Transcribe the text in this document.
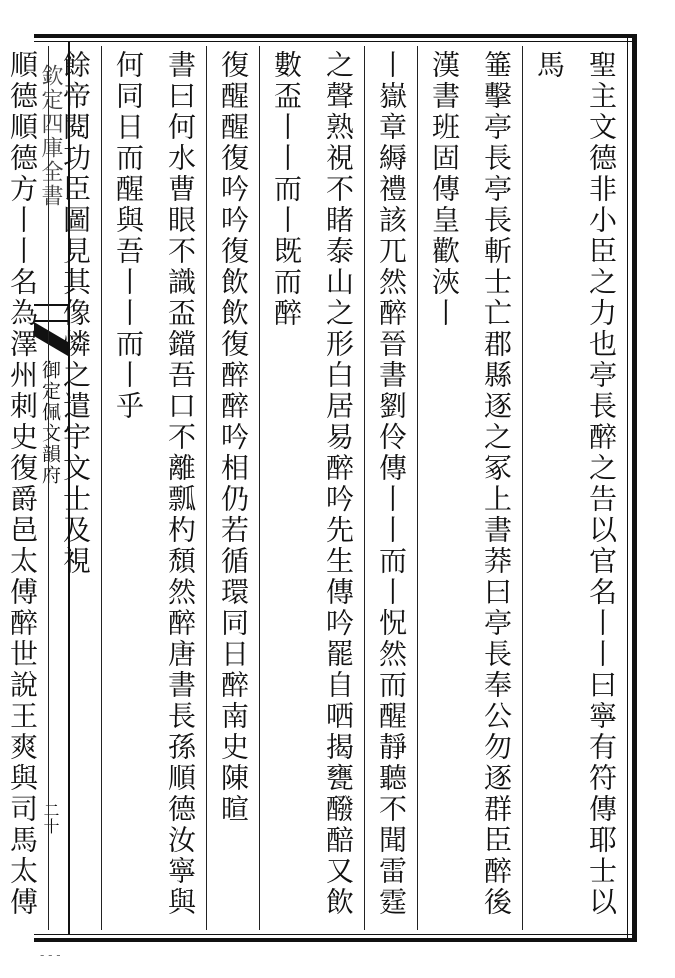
欽定四庫全書
御定佩文韻府
二十	聖主文德非小臣之力也亭長醉之告以官名丨丨曰寧有符傳耶士以馬
箠擊亭長亭長斬士亡郡縣逐之冢上書莽曰亭長奉公勿逐群臣醉後漢書班固傳皇歡浹丨
丨嶽章縟禮該兀然醉晉書劉伶傳丨丨而丨怳然而醒靜聽不聞雷霆
之聲熟視不睹泰山之形白居易醉吟先生傳吟罷自哂揭甕醱醅又飲數盃丨丨而丨既而醉
復醒醒復吟吟復飲飲復醉醉吟相仍若循環同日醉南史陳暄
書曰何水曹眼不識盃鐺吾口不離瓢杓頹然醉唐書長孫順德汝寧與何同日而醒與吾丨丨而丨乎
餘帝閱功臣圖見其像憐之遣宇文士及視
順德順德方丨丨名為澤州刺史復爵邑太傅醉世說王爽與司馬太傅
- - -
